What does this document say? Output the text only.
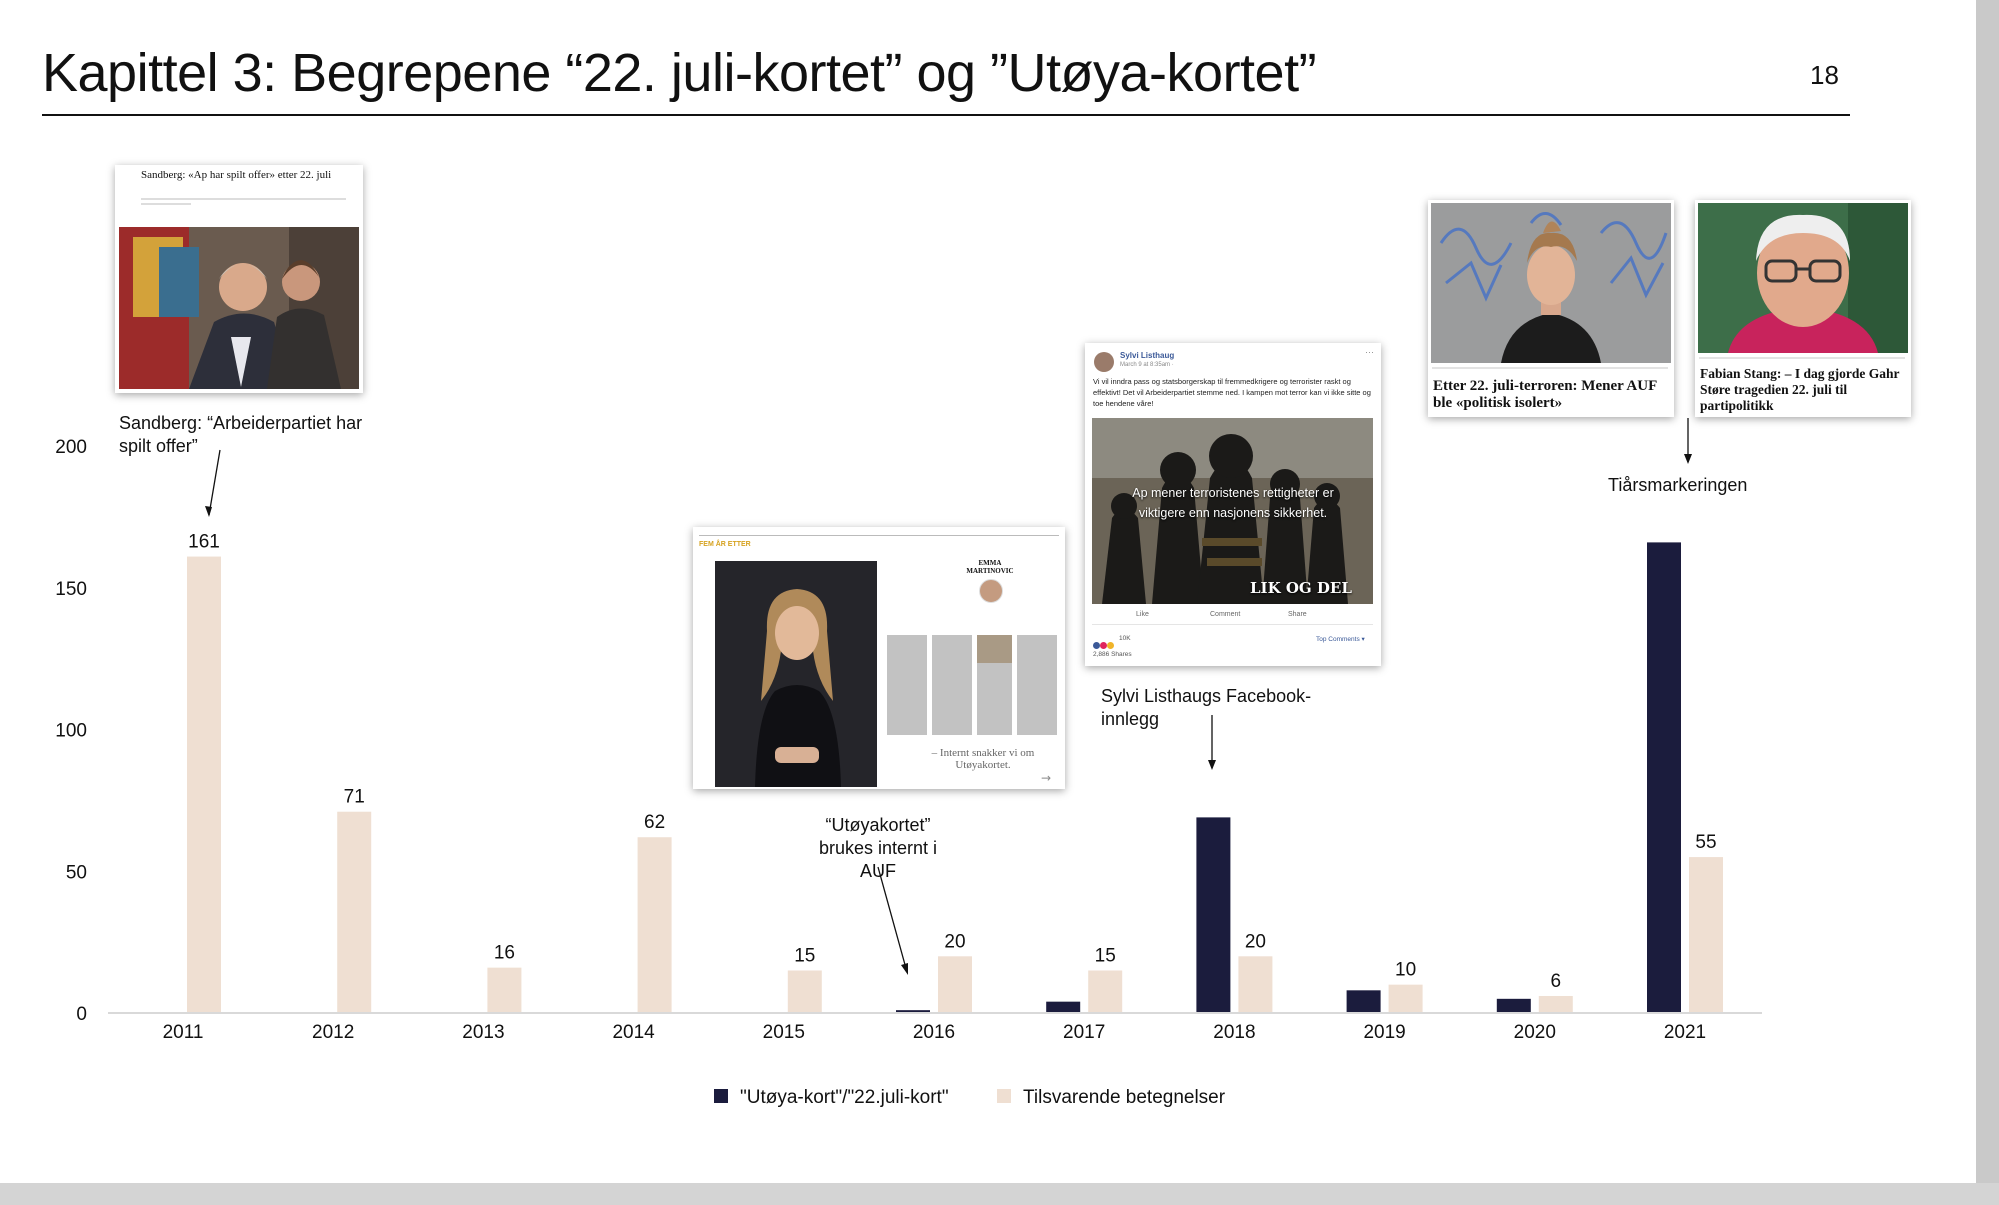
Kapittel 3: Begrepene “22. juli-kortet” og ”Utøya-kortet”	18
161
71
16
62
15
20
15
20
10
6
55
2011	2012	2013	2014	2015	2016	2017	2018	2019	2020	2021
0
50
100
150
200
"Utøya-kort"/"22.juli-kort"	Tilsvarende betegnelser
Sandberg: “Arbeiderpartiet har spilt offer”
“Utøyakortet” brukes internt i AUF
Sylvi Listhaugs Facebook-innlegg
Tiårsmarkeringen
Sandberg: «Ap har spilt offer» etter 22. juli
FEM ÅR ETTER
EMMA MARTINOVIC
– Internt snakker vi om Utøyakortet.
→
Sylvi Listhaug
March 9 at 8:35am ·
···
Vi vil inndra pass og statsborgerskap til fremmedkrigere og terrorister raskt og effektivt! Det vil Arbeiderpartiet stemme ned. I kampen mot terror kan vi ikke sitte og toe hendene våre!
Ap mener terroristenes rettigheter er viktigere enn nasjonens sikkerhet.
LIK OG DEL
Like	Comment	Share
10K	Top Comments ▾
2,886 Shares
Etter 22. juli-terroren: Mener AUF ble «politisk isolert»
Fabian Stang: – I dag gjorde Gahr Støre tragedien 22. juli til partipolitikk
